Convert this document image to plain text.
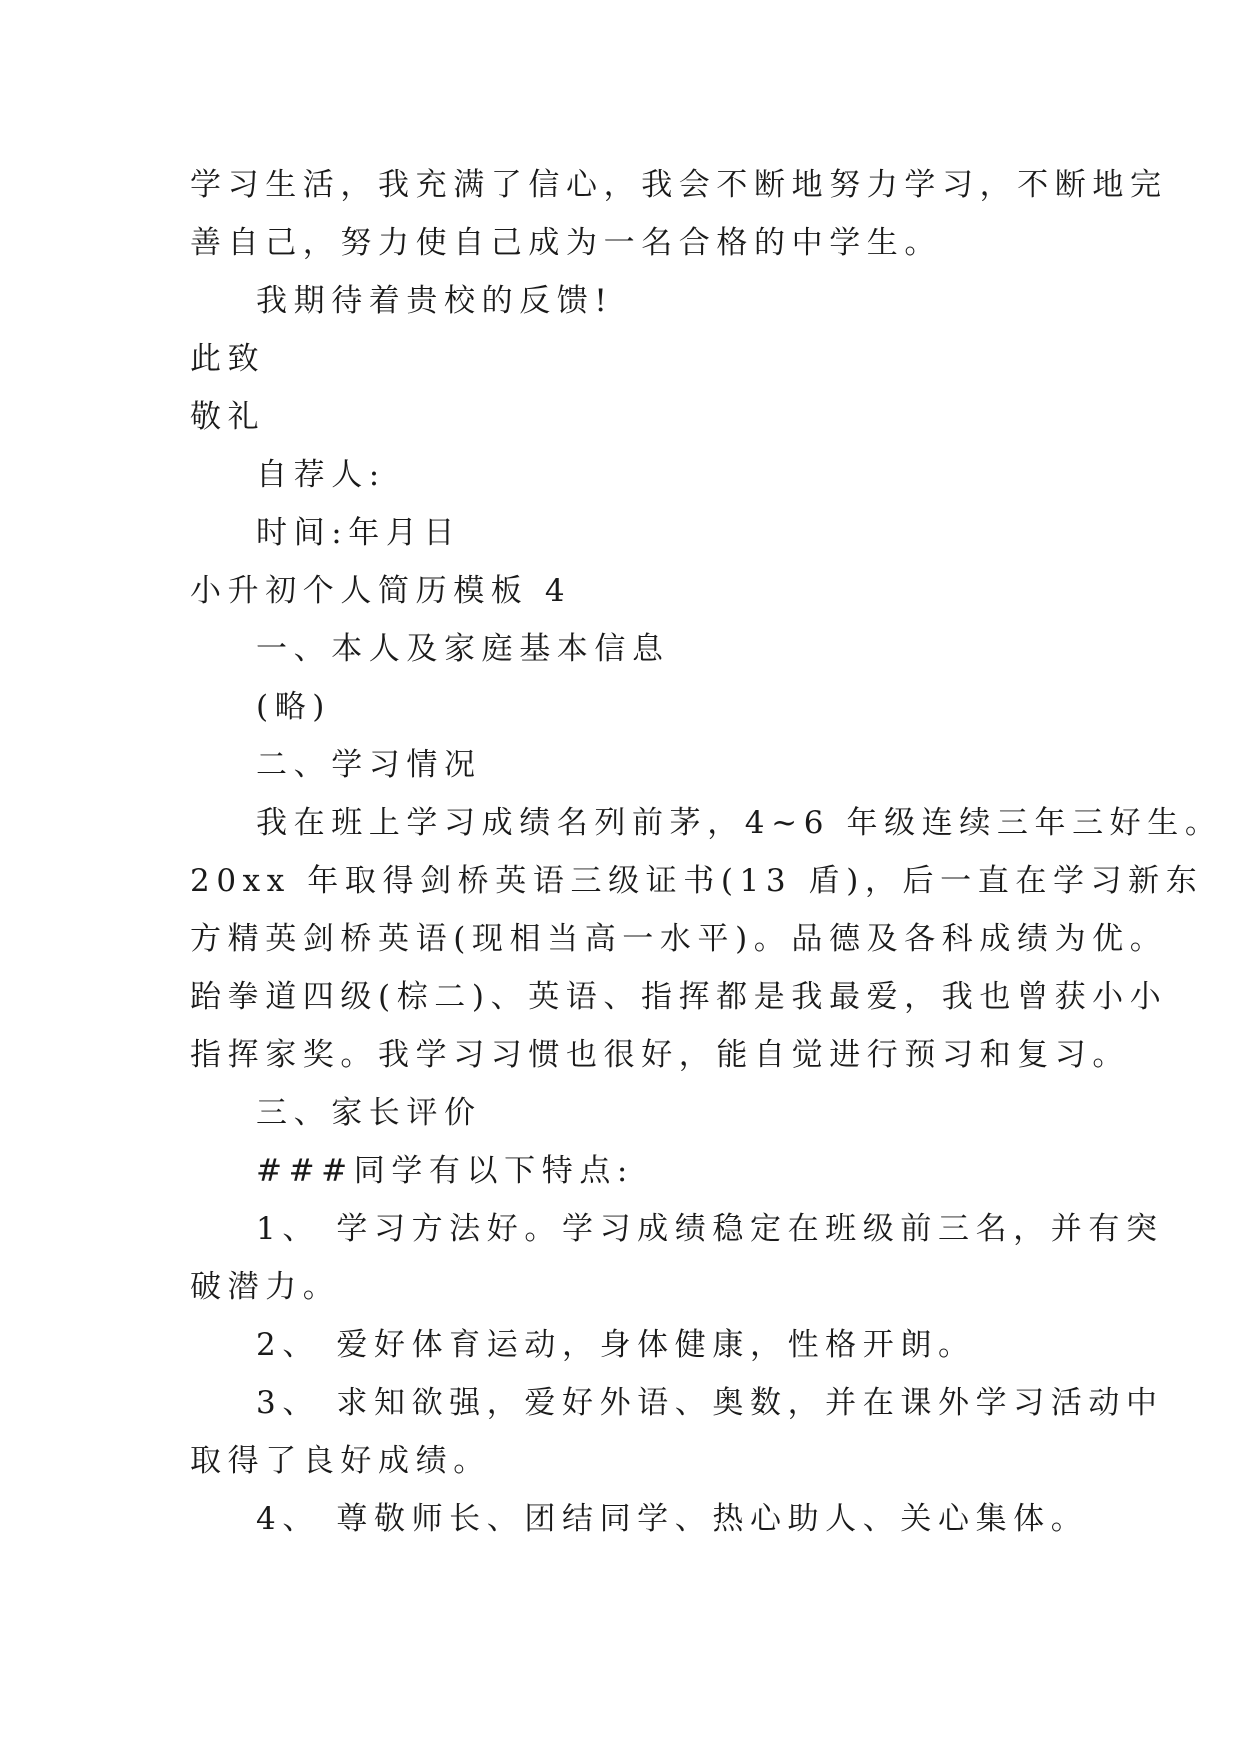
学习生活，我充满了信心，我会不断地努力学习，不断地完
善自己，努力使自己成为一名合格的中学生。
我期待着贵校的反馈!
此致
敬礼
自荐人:
时间:年月日
小升初个人简历模板 4
一、本人及家庭基本信息
(略)
二、学习情况
我在班上学习成绩名列前茅，4~6 年级连续三年三好生。
20xx 年取得剑桥英语三级证书(13 盾)，后一直在学习新东
方精英剑桥英语(现相当高一水平)。品德及各科成绩为优。
跆拳道四级(棕二)、英语、指挥都是我最爱，我也曾获小小
指挥家奖。我学习习惯也很好，能自觉进行预习和复习。
三、家长评价
###同学有以下特点:
1、 学习方法好。学习成绩稳定在班级前三名，并有突
破潜力。
2、 爱好体育运动，身体健康，性格开朗。
3、 求知欲强，爱好外语、奥数，并在课外学习活动中
取得了良好成绩。
4、 尊敬师长、团结同学、热心助人、关心集体。
